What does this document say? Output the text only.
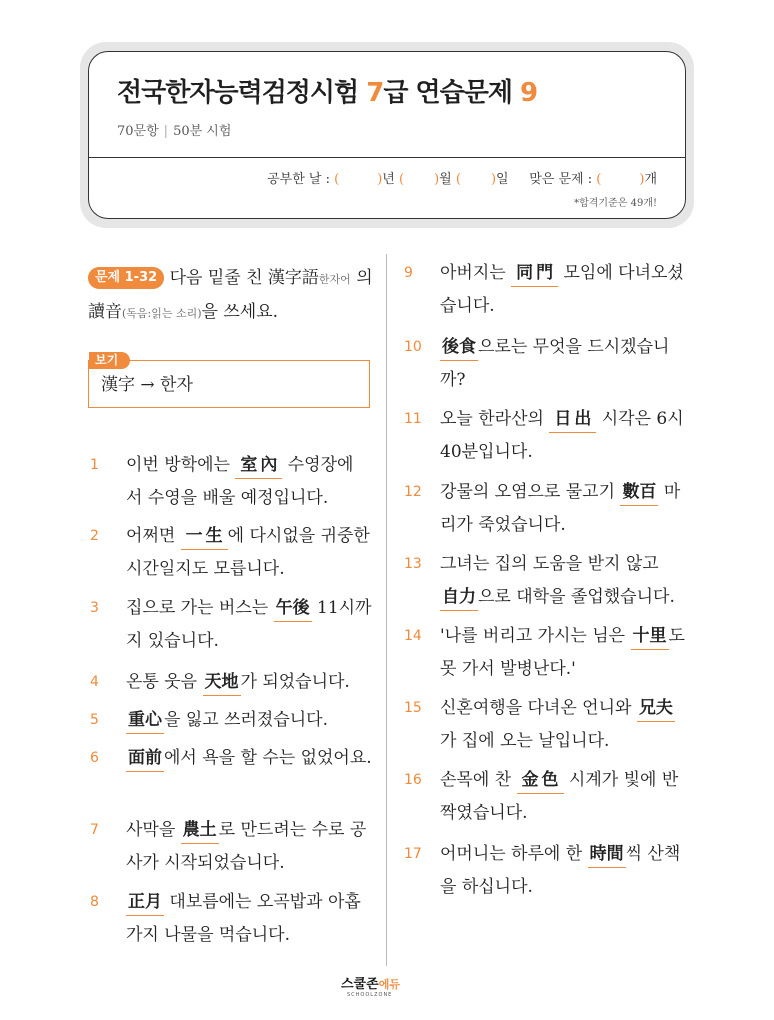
전국한자능력검정시험 7급 연습문제 9
70문항 | 50분 시험
공부한 날 : (	)년 ( )월 ( )일 맞은 문제 : (	)개
*합격기준은 49개!
문제 1-32 다음 밑줄 친 漢字語한자어 의 讀音(독음:읽는 소리)을 쓰세요.
보기
漢字 → 한자
1 이번 방학에는 室內 수영장에 서 수영을 배울 예정입니다.
2 어쩌면 一生 에 다시없을 귀중한 시간일지도 모릅니다.
3 집으로 가는 버스는 午後 11시까지 있습니다.
4 온통 웃음 天地 가 되었습니다.
5 重心 을 잃고 쓰러졌습니다.
6 面前 에서 욕을 할 수는 없었어요.
7 사막을 農土 로 만드려는 수로 공사가 시작되었습니다.
8 正月 대보름에는 오곡밥과 아홉 가지 나물을 먹습니다.
9 아버지는 同門 모임에 다녀오셨습니다.
10 後食 으로는 무엇을 드시겠습니까?
11 오늘 한라산의 日出 시각은 6시 40분입니다.
12 강물의 오염으로 물고기 數百 마리가 죽었습니다.
13 그녀는 집의 도움을 받지 않고 自力 으로 대학을 졸업했습니다.
14 '나를 버리고 가시는 님은 十里 도 못 가서 발병난다.'
15 신혼여행을 다녀온 언니와 兄夫가 집에 오는 날입니다.
16 손목에 찬 金色 시계가 빛에 반짝였습니다.
17 어머니는 하루에 한 時間 씩 산책을 하십니다.
스쿨존에듀
SCHOOLZONE
